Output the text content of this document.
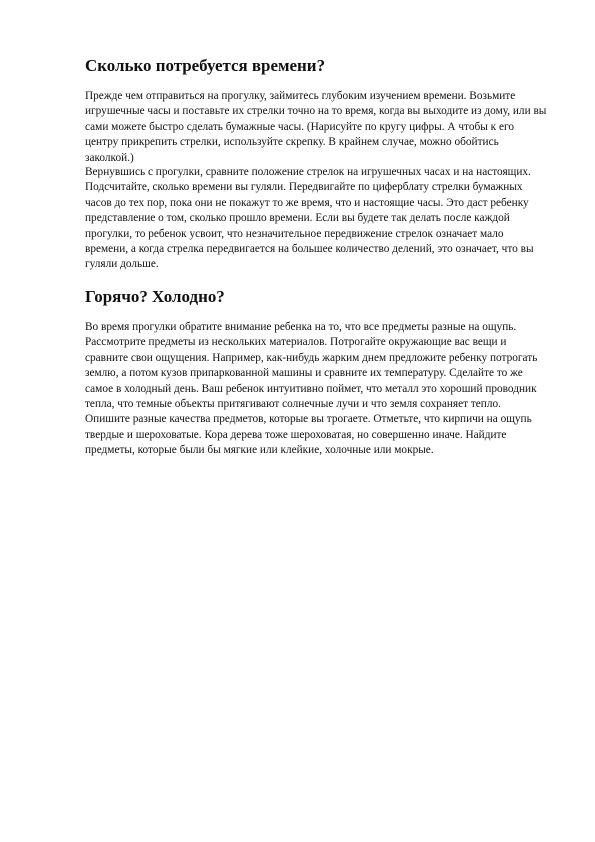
Сколько потребуется времени?

Прежде чем отправиться на прогулку, займитесь глубоким изучением времени. Возьмите игрушечные часы и поставьте их стрелки точно на то время, когда вы выходите из дому, или вы сами можете быстро сделать бумажные часы. (Нарисуйте по кругу цифры. А чтобы к его центру прикрепить стрелки, используйте скрепку. В крайнем случае, можно обойтись заколкой.)

Вернувшись с прогулки, сравните положение стрелок на игрушечных часах и на настоящих. Подсчитайте, сколько времени вы гуляли. Передвигайте по циферблату стрелки бумажных часов до тех пор, пока они не покажут то же время, что и настоящие часы. Это даст ребенку представление о том, сколько прошло времени. Если вы будете так делать после каждой прогулки, то ребенок усвоит, что незначительное передвижение стрелок означает мало времени, а когда стрелка передвигается на большее количество делений, это означает, что вы гуляли дольше.

Горячо? Холодно?

Во время прогулки обратите внимание ребенка на то, что все предметы разные на ощупь. Рассмотрите предметы из нескольких материалов. Потрогайте окружающие вас вещи и сравните свои ощущения. Например, как-нибудь жарким днем предложите ребенку потрогать землю, а потом кузов припаркованной машины и сравните их температуру. Сделайте то же самое в холодный день. Ваш ребенок интуитивно поймет, что металл это хороший проводник тепла, что темные объекты притягивают солнечные лучи и что земля сохраняет тепло. Опишите разные качества предметов, которые вы трогаете. Отметьте, что кирпичи на ощупь твердые и шероховатые. Кора дерева тоже шероховатая, но совершенно иначе. Найдите предметы, которые были бы мягкие или клейкие, холочные или мокрые.
